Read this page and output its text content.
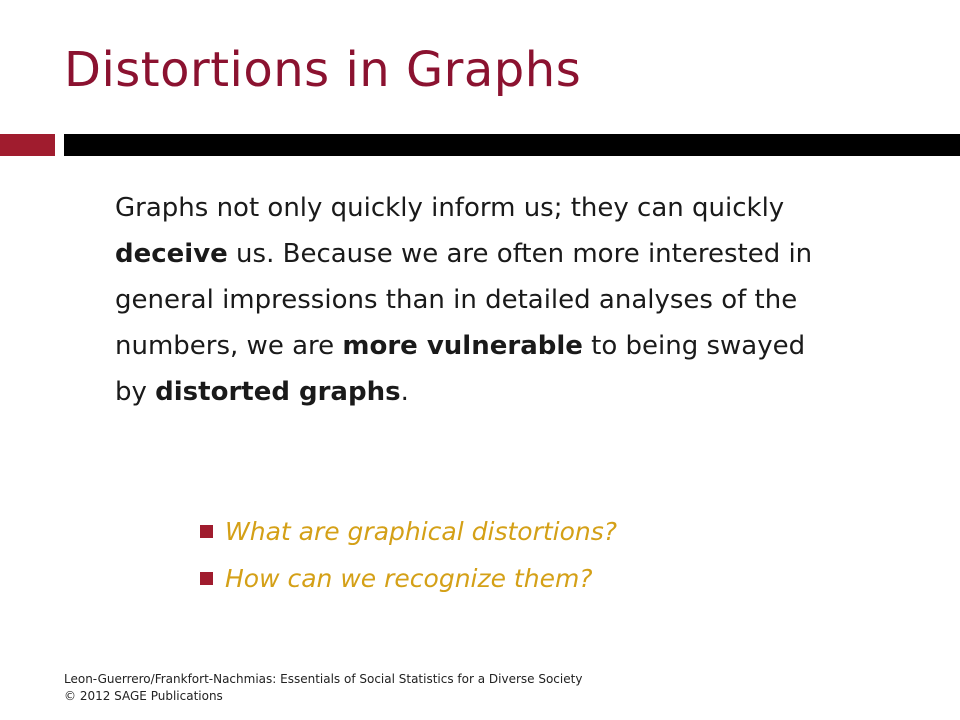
Distortions in Graphs

Graphs not only quickly inform us; they can quickly deceive us. Because we are often more interested in general impressions than in detailed analyses of the numbers, we are more vulnerable to being swayed by distorted graphs.

What are graphical distortions?
How can we recognize them?
Leon-Guerrero/Frankfort-Nachmias: Essentials of Social Statistics for a Diverse Society
© 2012 SAGE Publications
